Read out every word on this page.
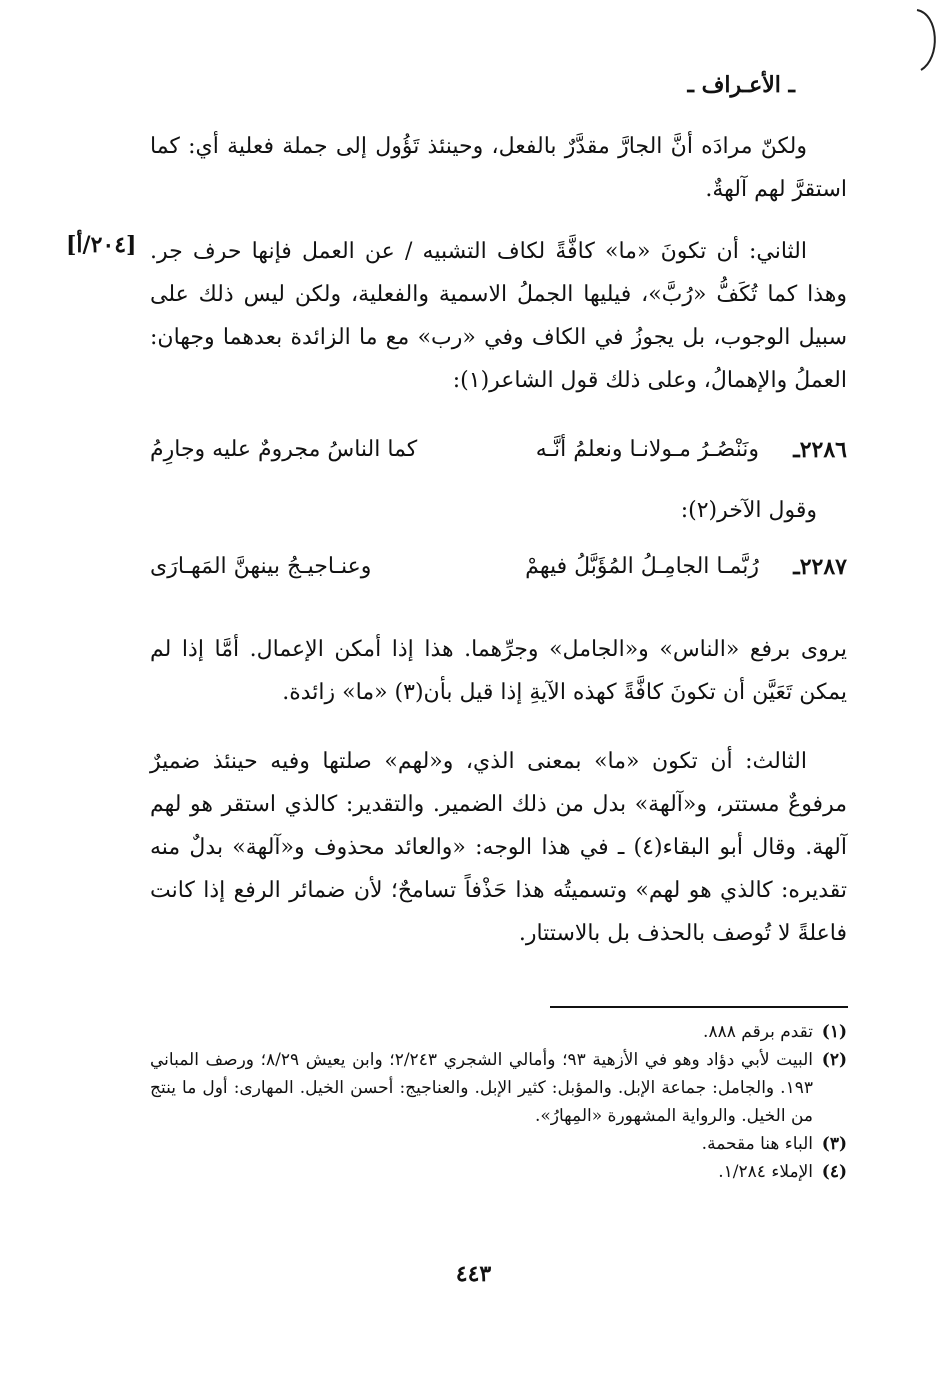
ـ الأعـراف ـ
ولكنّ مرادَه أنَّ الجارَّ مقدَّرٌ بالفعل، وحينئذ تَؤُول إلى جملة فعلية أي: كما استقرَّ لهم آلهةٌ.
[٢٠٤/أ] الثاني: أن تكونَ «ما» كافَّةً لكاف التشبيه / عن العمل فإنها حرف جر. وهذا كما تُكَفُّ «رُبَّ»، فيليها الجملُ الاسمية والفعلية، ولكن ليس ذلك على سبيل الوجوب، بل يجوزُ في الكاف وفي «رب» مع ما الزائدة بعدهما وجهان: العملُ والإهمالُ، وعلى ذلك قول الشاعر(١):
٢٢٨٦ـ
ونَنْصُـرُ مـولانـا ونعلمُ أنَّـه
كما الناسُ مجرومٌ عليه وجارِمُ
وقول الآخر(٢):
٢٢٨٧ـ
رُبَّمـا الجامِـلُ المُؤَبَّلُ فيهمْ
وعنـاجيـجُ بينهنَّ المَهـارَى
يروى برفع «الناس» و«الجامل» وجرِّهما. هذا إذا أمكن الإعمال. أمَّا إذا لم يمكن تَعَيَّن أن تكونَ كافَّةً كهذه الآيةِ إذا قيل بأن(٣) «ما» زائدة.
الثالث: أن تكون «ما» بمعنى الذي، و«لهم» صلتها وفيه حينئذ ضميرٌ مرفوعٌ مستتر، و«آلهة» بدل من ذلك الضمير. والتقدير: كالذي استقر هو لهم آلهة. وقال أبو البقاء(٤) ـ في هذا الوجه: «والعائد محذوف و«آلهة» بدلٌ منه تقديره: كالذي هو لهم» وتسميتُه هذا حَذْفاً تسامحٌ؛ لأن ضمائر الرفع إذا كانت فاعلةً لا تُوصف بالحذف بل بالاستتار.
(١)
تقدم برقم ٨٨٨.
(٢)
البيت لأبي دؤاد وهو في الأزهية ٩٣؛ وأمالي الشجري ٢/٢٤٣؛ وابن يعيش ٨/٢٩؛ ورصف المباني ١٩٣. والجامل: جماعة الإبل. والمؤبل: كثير الإبل. والعناجيج: أحسن الخيل. المهارى: أول ما ينتج من الخيل. والرواية المشهورة «المِهارُ».
(٣)
الباء هنا مقحمة.
(٤)
الإملاء ١/٢٨٤.
٤٤٣
